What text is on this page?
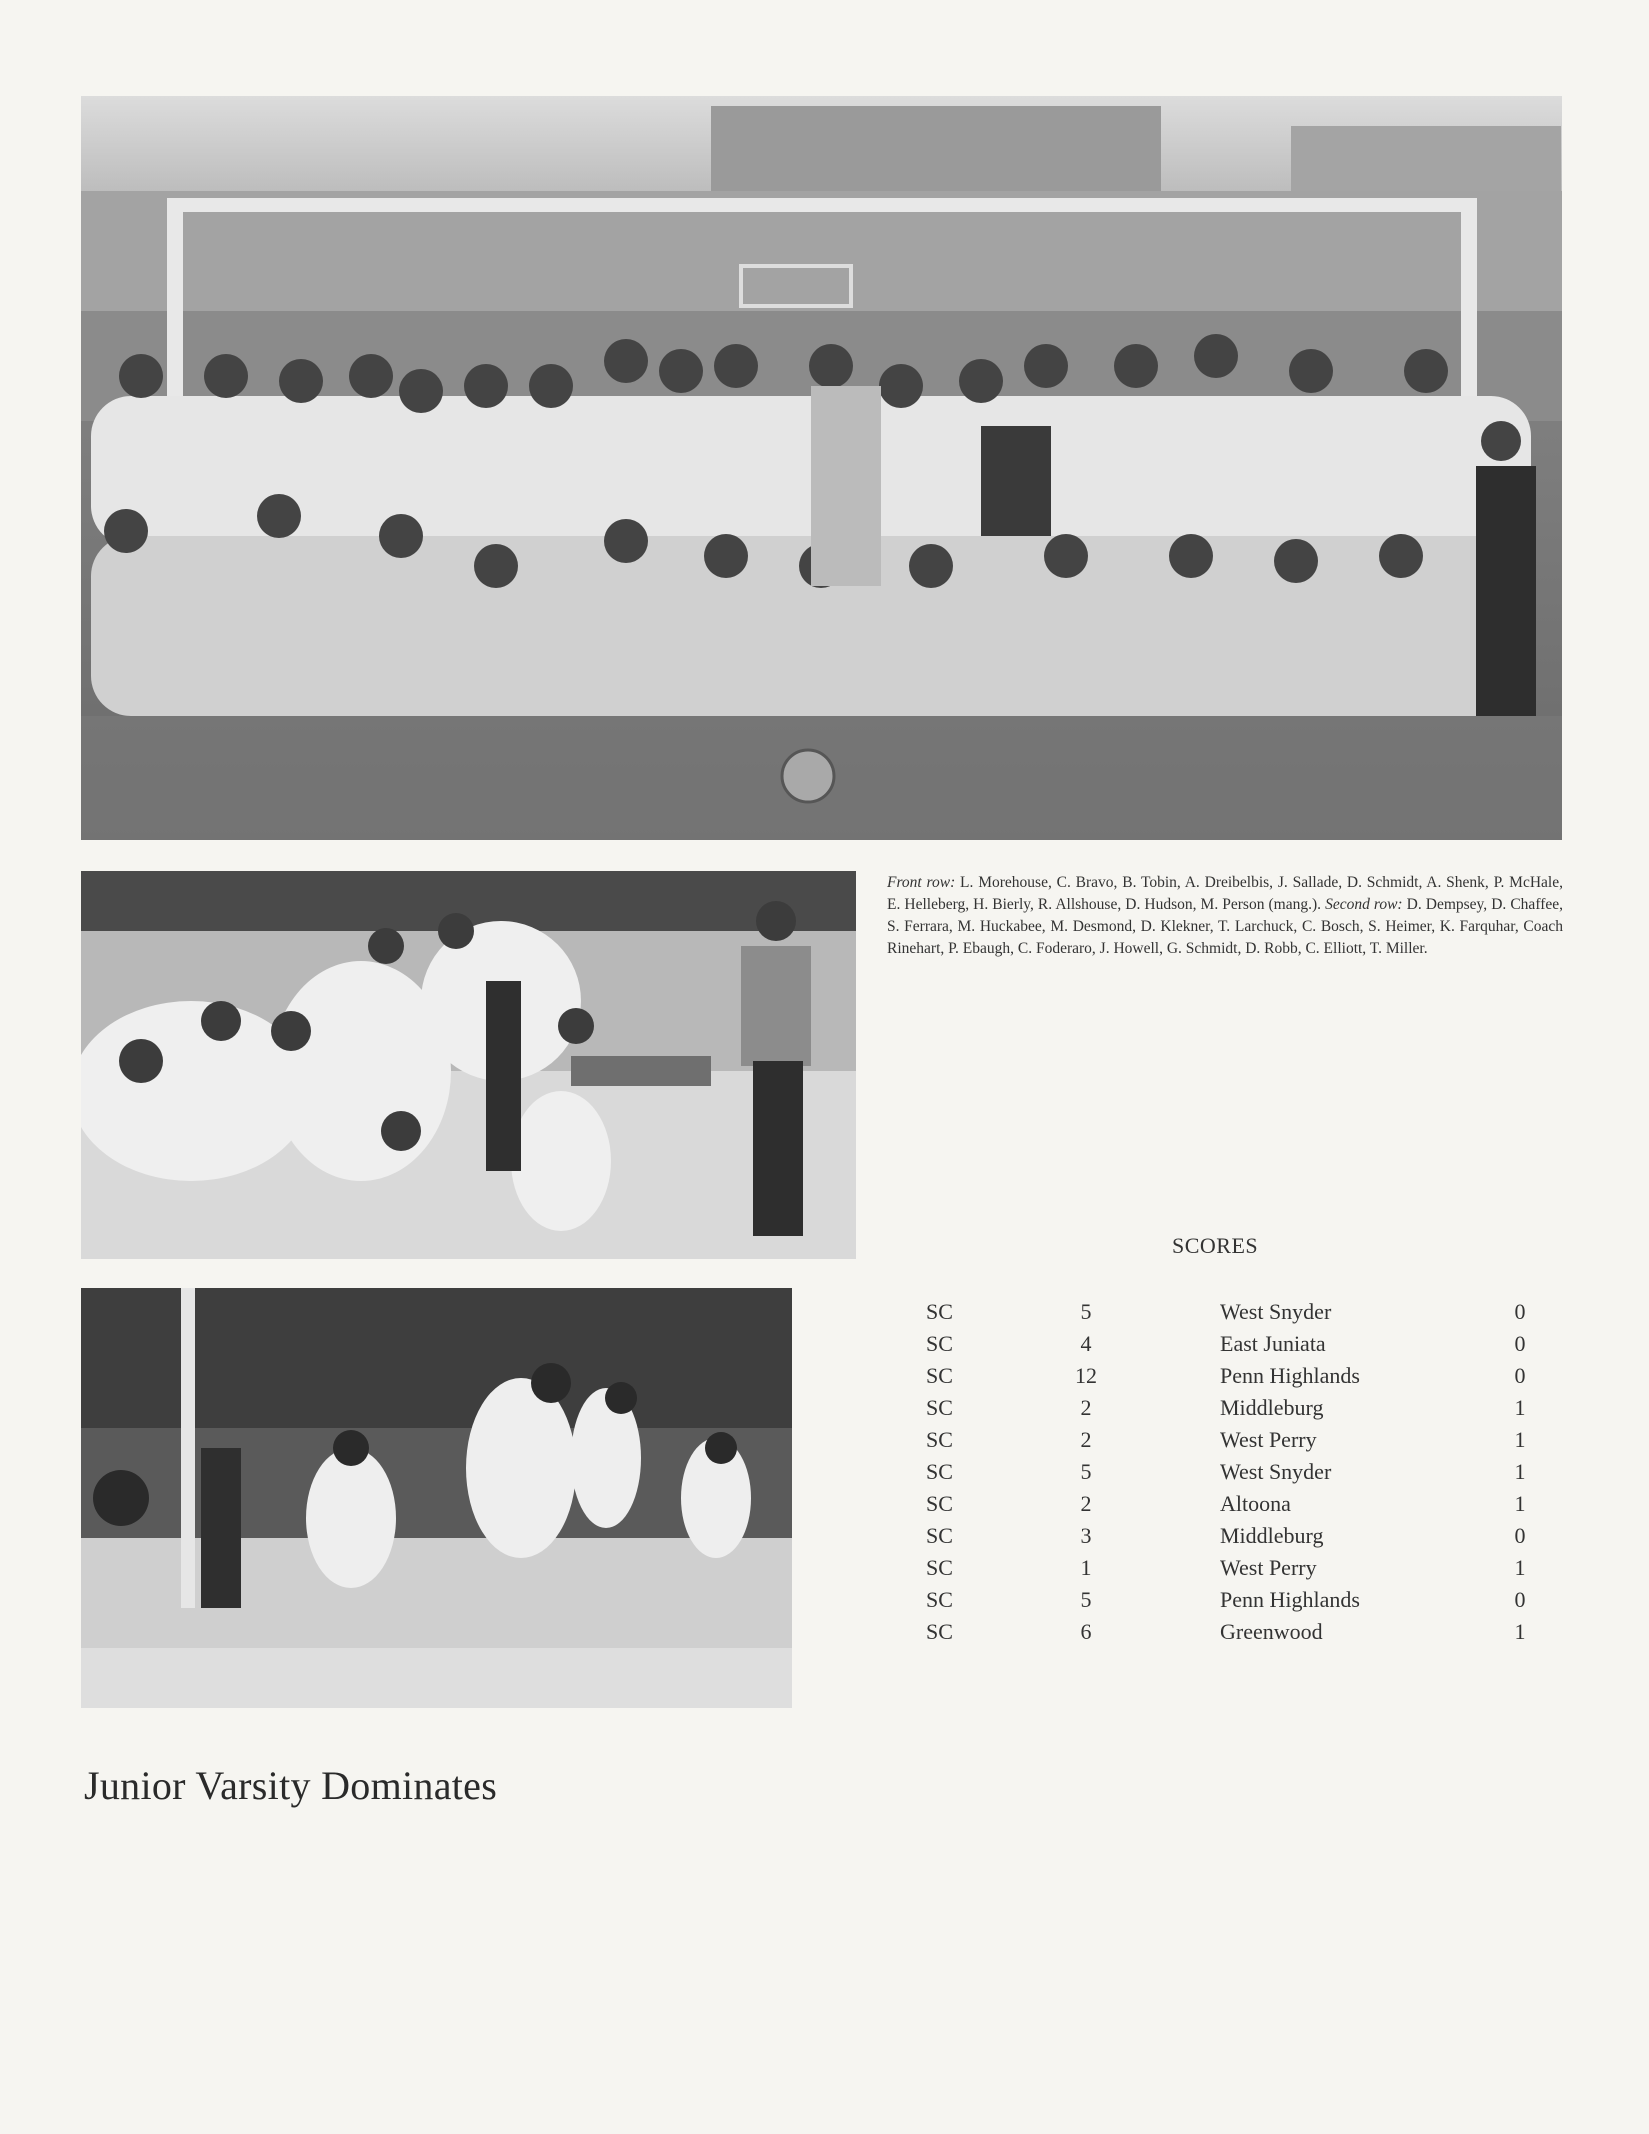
Front row: L. Morehouse, C. Bravo, B. Tobin, A. Dreibelbis, J. Sallade, D. Schmidt, A. Shenk, P. McHale, E. Helleberg, H. Bierly, R. Allshouse, D. Hudson, M. Person (mang.). Second row: D. Dempsey, D. Chaffee, S. Ferrara, M. Huckabee, M. Desmond, D. Klekner, T. Larchuck, C. Bosch, S. Heimer, K. Farquhar, Coach Rinehart, P. Ebaugh, C. Foderaro, J. Howell, G. Schmidt, D. Robb, C. Elliott, T. Miller.
SCORES
SC	5		West Snyder	0
SC	4		East Juniata	0
SC	12		Penn Highlands	0
SC	2		Middleburg	1
SC	2		West Perry	1
SC	5		West Snyder	1
SC	2		Altoona	1
SC	3		Middleburg	0
SC	1		West Perry	1
SC	5		Penn Highlands	0
SC	6		Greenwood	1
Junior Varsity Dominates
